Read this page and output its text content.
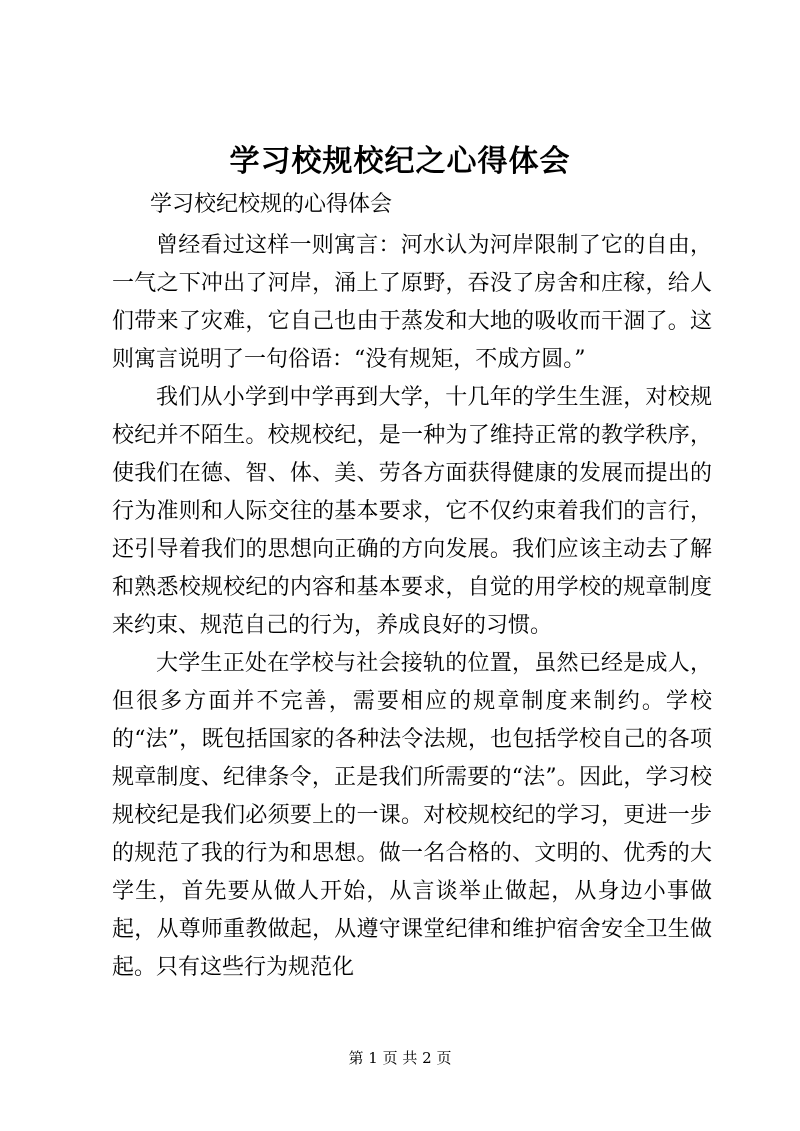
学习校规校纪之心得体会
学习校纪校规的心得体会

曾经看过这样一则寓言：河水认为河岸限制了它的自由，一气之下冲出了河岸，涌上了原野，吞没了房舍和庄稼，给人们带来了灾难，它自己也由于蒸发和大地的吸收而干涸了。这则寓言说明了一句俗语：“没有规矩，不成方圆。”

我们从小学到中学再到大学，十几年的学生生涯，对校规校纪并不陌生。校规校纪，是一种为了维持正常的教学秩序，使我们在德、智、体、美、劳各方面获得健康的发展而提出的行为准则和人际交往的基本要求，它不仅约束着我们的言行，还引导着我们的思想向正确的方向发展。我们应该主动去了解和熟悉校规校纪的内容和基本要求，自觉的用学校的规章制度来约束、规范自己的行为，养成良好的习惯。

大学生正处在学校与社会接轨的位置，虽然已经是成人，但很多方面并不完善，需要相应的规章制度来制约。学校的“法”，既包括国家的各种法令法规，也包括学校自己的各项规章制度、纪律条令，正是我们所需要的“法”。因此，学习校规校纪是我们必须要上的一课。对校规校纪的学习，更进一步的规范了我的行为和思想。做一名合格的、文明的、优秀的大学生，首先要从做人开始，从言谈举止做起，从身边小事做起，从尊师重教做起，从遵守课堂纪律和维护宿舍安全卫生做起。只有这些行为规范化

第 1 页 共 2 页
